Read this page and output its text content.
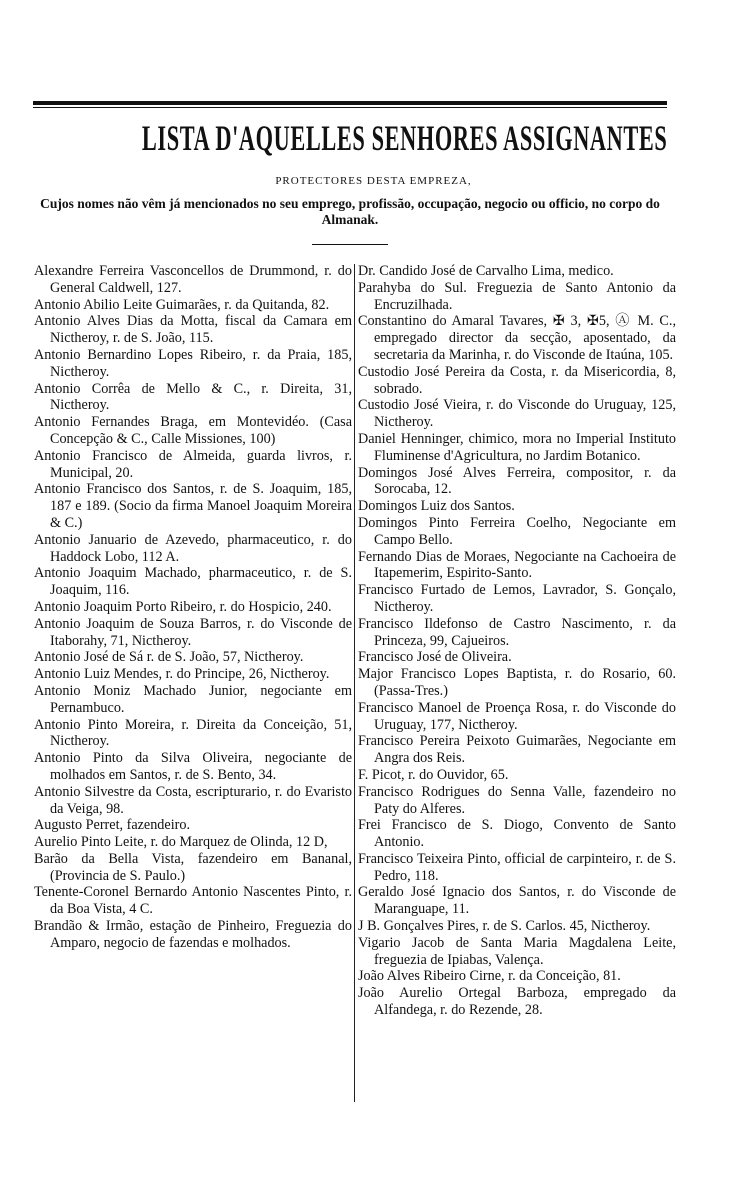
LISTA D'AQUELLES SENHORES ASSIGNANTES
PROTECTORES DESTA EMPREZA,
Cujos nomes não vêm já mencionados no seu emprego, profissão, occupação, negocio ou officio, no corpo do Almanak.

Alexandre Ferreira Vasconcellos de Drummond, r. do General Caldwell, 127.

Antonio Abilio Leite Guimarães, r. da Quitanda, 82.

Antonio Alves Dias da Motta, fiscal da Camara em Nictheroy, r. de S. João, 115.

Antonio Bernardino Lopes Ribeiro, r. da Praia, 185, Nictheroy.

Antonio Corrêa de Mello & C., r. Direita, 31, Nictheroy.

Antonio Fernandes Braga, em Montevidéo. (Casa Concepção & C., Calle Missiones, 100)

Antonio Francisco de Almeida, guarda livros, r. Municipal, 20.

Antonio Francisco dos Santos, r. de S. Joaquim, 185, 187 e 189. (Socio da firma Manoel Joaquim Moreira & C.)

Antonio Januario de Azevedo, pharmaceutico, r. do Haddock Lobo, 112 A.

Antonio Joaquim Machado, pharmaceutico, r. de S. Joaquim, 116.

Antonio Joaquim Porto Ribeiro, r. do Hospicio, 240.

Antonio Joaquim de Souza Barros, r. do Visconde de Itaborahy, 71, Nictheroy.

Antonio José de Sá r. de S. João, 57, Nictheroy.

Antonio Luiz Mendes, r. do Principe, 26, Nictheroy.

Antonio Moniz Machado Junior, negociante em Pernambuco.

Antonio Pinto Moreira, r. Direita da Conceição, 51, Nictheroy.

Antonio Pinto da Silva Oliveira, negociante de molhados em Santos, r. de S. Bento, 34.

Antonio Silvestre da Costa, escripturario, r. do Evaristo da Veiga, 98.

Augusto Perret, fazendeiro.

Aurelio Pinto Leite, r. do Marquez de Olinda, 12 D,

Barão da Bella Vista, fazendeiro em Bananal, (Provincia de S. Paulo.)

Tenente-Coronel Bernardo Antonio Nascentes Pinto, r. da Boa Vista, 4 C.

Brandão & Irmão, estação de Pinheiro, Freguezia do Amparo, negocio de fazendas e molhados.

Dr. Candido José de Carvalho Lima, medico.

Parahyba do Sul. Freguezia de Santo Antonio da Encruzilhada.

Constantino do Amaral Tavares, ✠ 3, ✠5, Ⓐ M. C., empregado director da secção, aposentado, da secretaria da Marinha, r. do Visconde de Itaúna, 105.

Custodio José Pereira da Costa, r. da Misericordia, 8, sobrado.

Custodio José Vieira, r. do Visconde do Uruguay, 125, Nictheroy.

Daniel Henninger, chimico, mora no Imperial Instituto Fluminense d'Agricultura, no Jardim Botanico.

Domingos José Alves Ferreira, compositor, r. da Sorocaba, 12.

Domingos Luiz dos Santos.

Domingos Pinto Ferreira Coelho, Negociante em Campo Bello.

Fernando Dias de Moraes, Negociante na Cachoeira de Itapemerim, Espirito-Santo.

Francisco Furtado de Lemos, Lavrador, S. Gonçalo, Nictheroy.

Francisco Ildefonso de Castro Nascimento, r. da Princeza, 99, Cajueiros.

Francisco José de Oliveira.

Major Francisco Lopes Baptista, r. do Rosario, 60. (Passa-Tres.)

Francisco Manoel de Proença Rosa, r. do Visconde do Uruguay, 177, Nictheroy.

Francisco Pereira Peixoto Guimarães, Negociante em Angra dos Reis.

F. Picot, r. do Ouvidor, 65.

Francisco Rodrigues do Senna Valle, fazendeiro no Paty do Alferes.

Frei Francisco de S. Diogo, Convento de Santo Antonio.

Francisco Teixeira Pinto, official de carpinteiro, r. de S. Pedro, 118.

Geraldo José Ignacio dos Santos, r. do Visconde de Maranguape, 11.

J B. Gonçalves Pires, r. de S. Carlos. 45, Nictheroy.

Vigario Jacob de Santa Maria Magdalena Leite, freguezia de Ipiabas, Valença.

João Alves Ribeiro Cirne, r. da Conceição, 81.

João Aurelio Ortegal Barboza, empregado da Alfandega, r. do Rezende, 28.
